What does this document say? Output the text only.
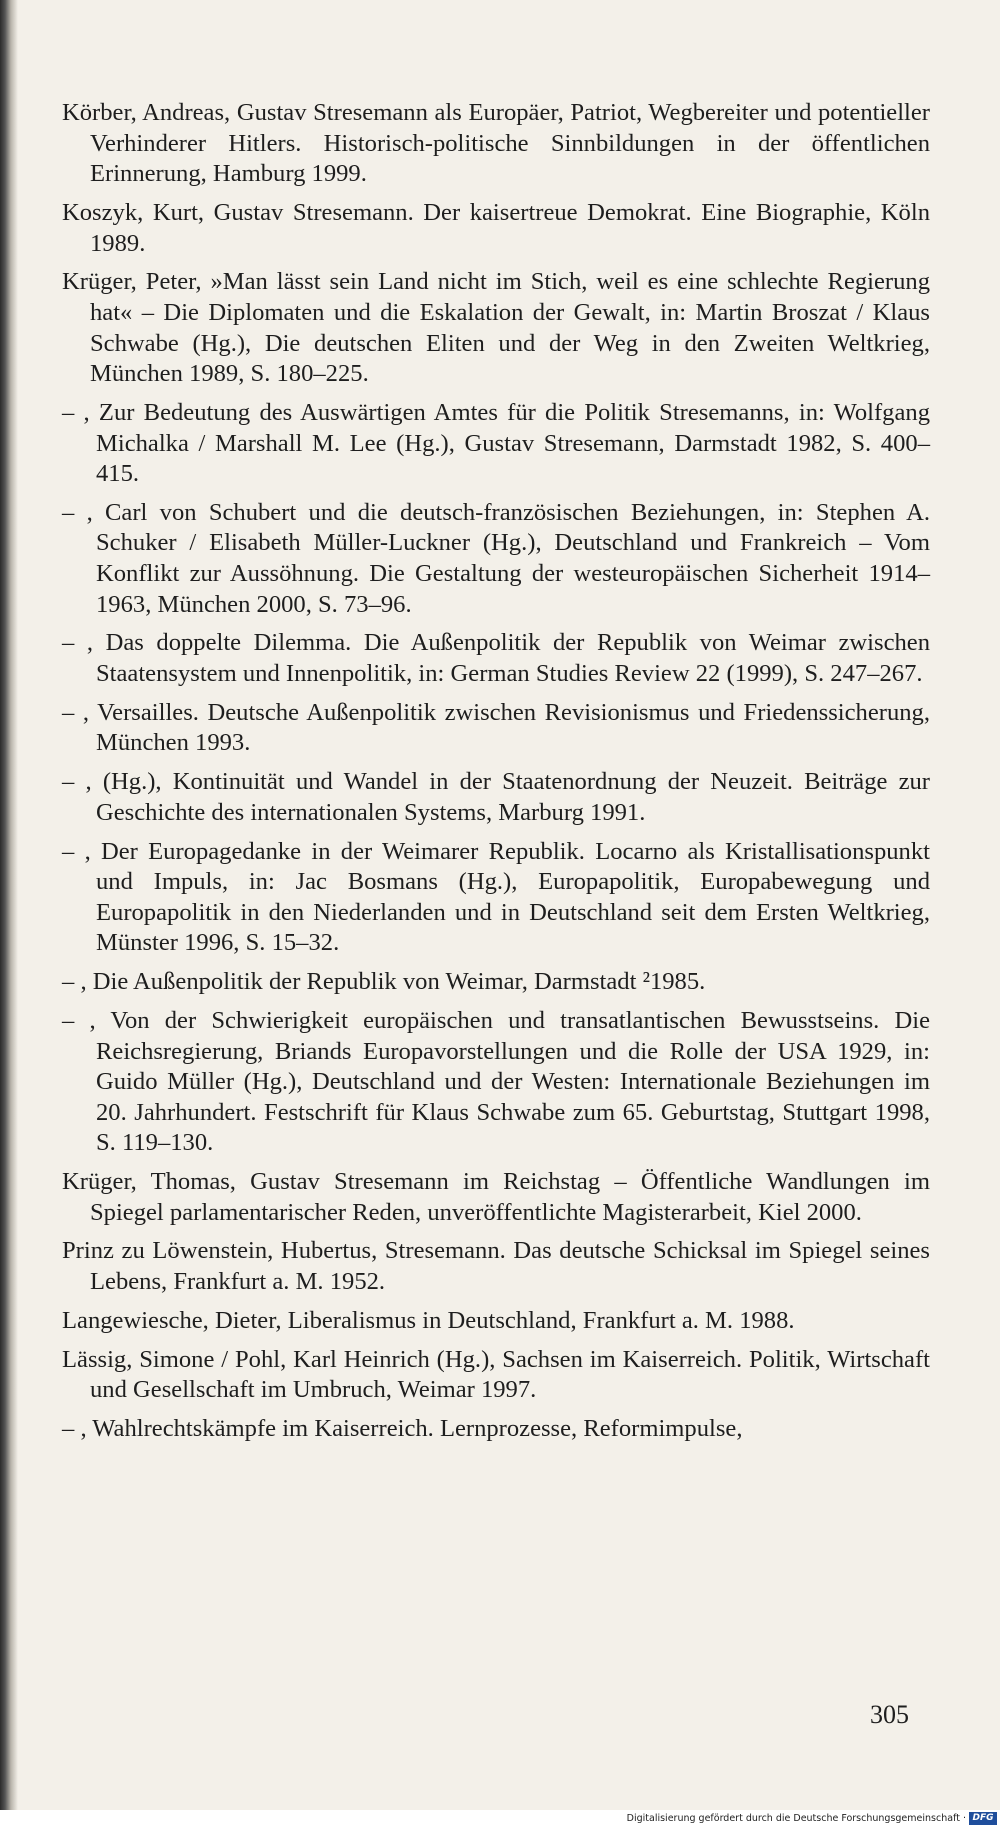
Körber, Andreas, Gustav Stresemann als Europäer, Patriot, Wegbereiter und potentieller Verhinderer Hitlers. Historisch-politische Sinnbildungen in der öffentlichen Erinnerung, Hamburg 1999.
Koszyk, Kurt, Gustav Stresemann. Der kaisertreue Demokrat. Eine Biographie, Köln 1989.
Krüger, Peter, »Man lässt sein Land nicht im Stich, weil es eine schlechte Regierung hat« – Die Diplomaten und die Eskalation der Gewalt, in: Martin Broszat / Klaus Schwabe (Hg.), Die deutschen Eliten und der Weg in den Zweiten Weltkrieg, München 1989, S. 180–225.
– , Zur Bedeutung des Auswärtigen Amtes für die Politik Stresemanns, in: Wolfgang Michalka / Marshall M. Lee (Hg.), Gustav Stresemann, Darmstadt 1982, S. 400–415.
– , Carl von Schubert und die deutsch-französischen Beziehungen, in: Stephen A. Schuker / Elisabeth Müller-Luckner (Hg.), Deutschland und Frankreich – Vom Konflikt zur Aussöhnung. Die Gestaltung der westeuropäischen Sicherheit 1914–1963, München 2000, S. 73–96.
– , Das doppelte Dilemma. Die Außenpolitik der Republik von Weimar zwischen Staatensystem und Innenpolitik, in: German Studies Review 22 (1999), S. 247–267.
– , Versailles. Deutsche Außenpolitik zwischen Revisionismus und Friedenssicherung, München 1993.
– , (Hg.), Kontinuität und Wandel in der Staatenordnung der Neuzeit. Beiträge zur Geschichte des internationalen Systems, Marburg 1991.
– , Der Europagedanke in der Weimarer Republik. Locarno als Kristallisationspunkt und Impuls, in: Jac Bosmans (Hg.), Europapolitik, Europabewegung und Europapolitik in den Niederlanden und in Deutschland seit dem Ersten Weltkrieg, Münster 1996, S. 15–32.
– , Die Außenpolitik der Republik von Weimar, Darmstadt ²1985.
– , Von der Schwierigkeit europäischen und transatlantischen Bewusstseins. Die Reichsregierung, Briands Europavorstellungen und die Rolle der USA 1929, in: Guido Müller (Hg.), Deutschland und der Westen: Internationale Beziehungen im 20. Jahrhundert. Festschrift für Klaus Schwabe zum 65. Geburtstag, Stuttgart 1998, S. 119–130.
Krüger, Thomas, Gustav Stresemann im Reichstag – Öffentliche Wandlungen im Spiegel parlamentarischer Reden, unveröffentlichte Magisterarbeit, Kiel 2000.
Prinz zu Löwenstein, Hubertus, Stresemann. Das deutsche Schicksal im Spiegel seines Lebens, Frankfurt a. M. 1952.
Langewiesche, Dieter, Liberalismus in Deutschland, Frankfurt a. M. 1988.
Lässig, Simone / Pohl, Karl Heinrich (Hg.), Sachsen im Kaiserreich. Politik, Wirtschaft und Gesellschaft im Umbruch, Weimar 1997.
– , Wahlrechtskämpfe im Kaiserreich. Lernprozesse, Reformimpulse,
305
Digitalisierung gefördert durch die Deutsche Forschungsgemeinschaft · DFG
